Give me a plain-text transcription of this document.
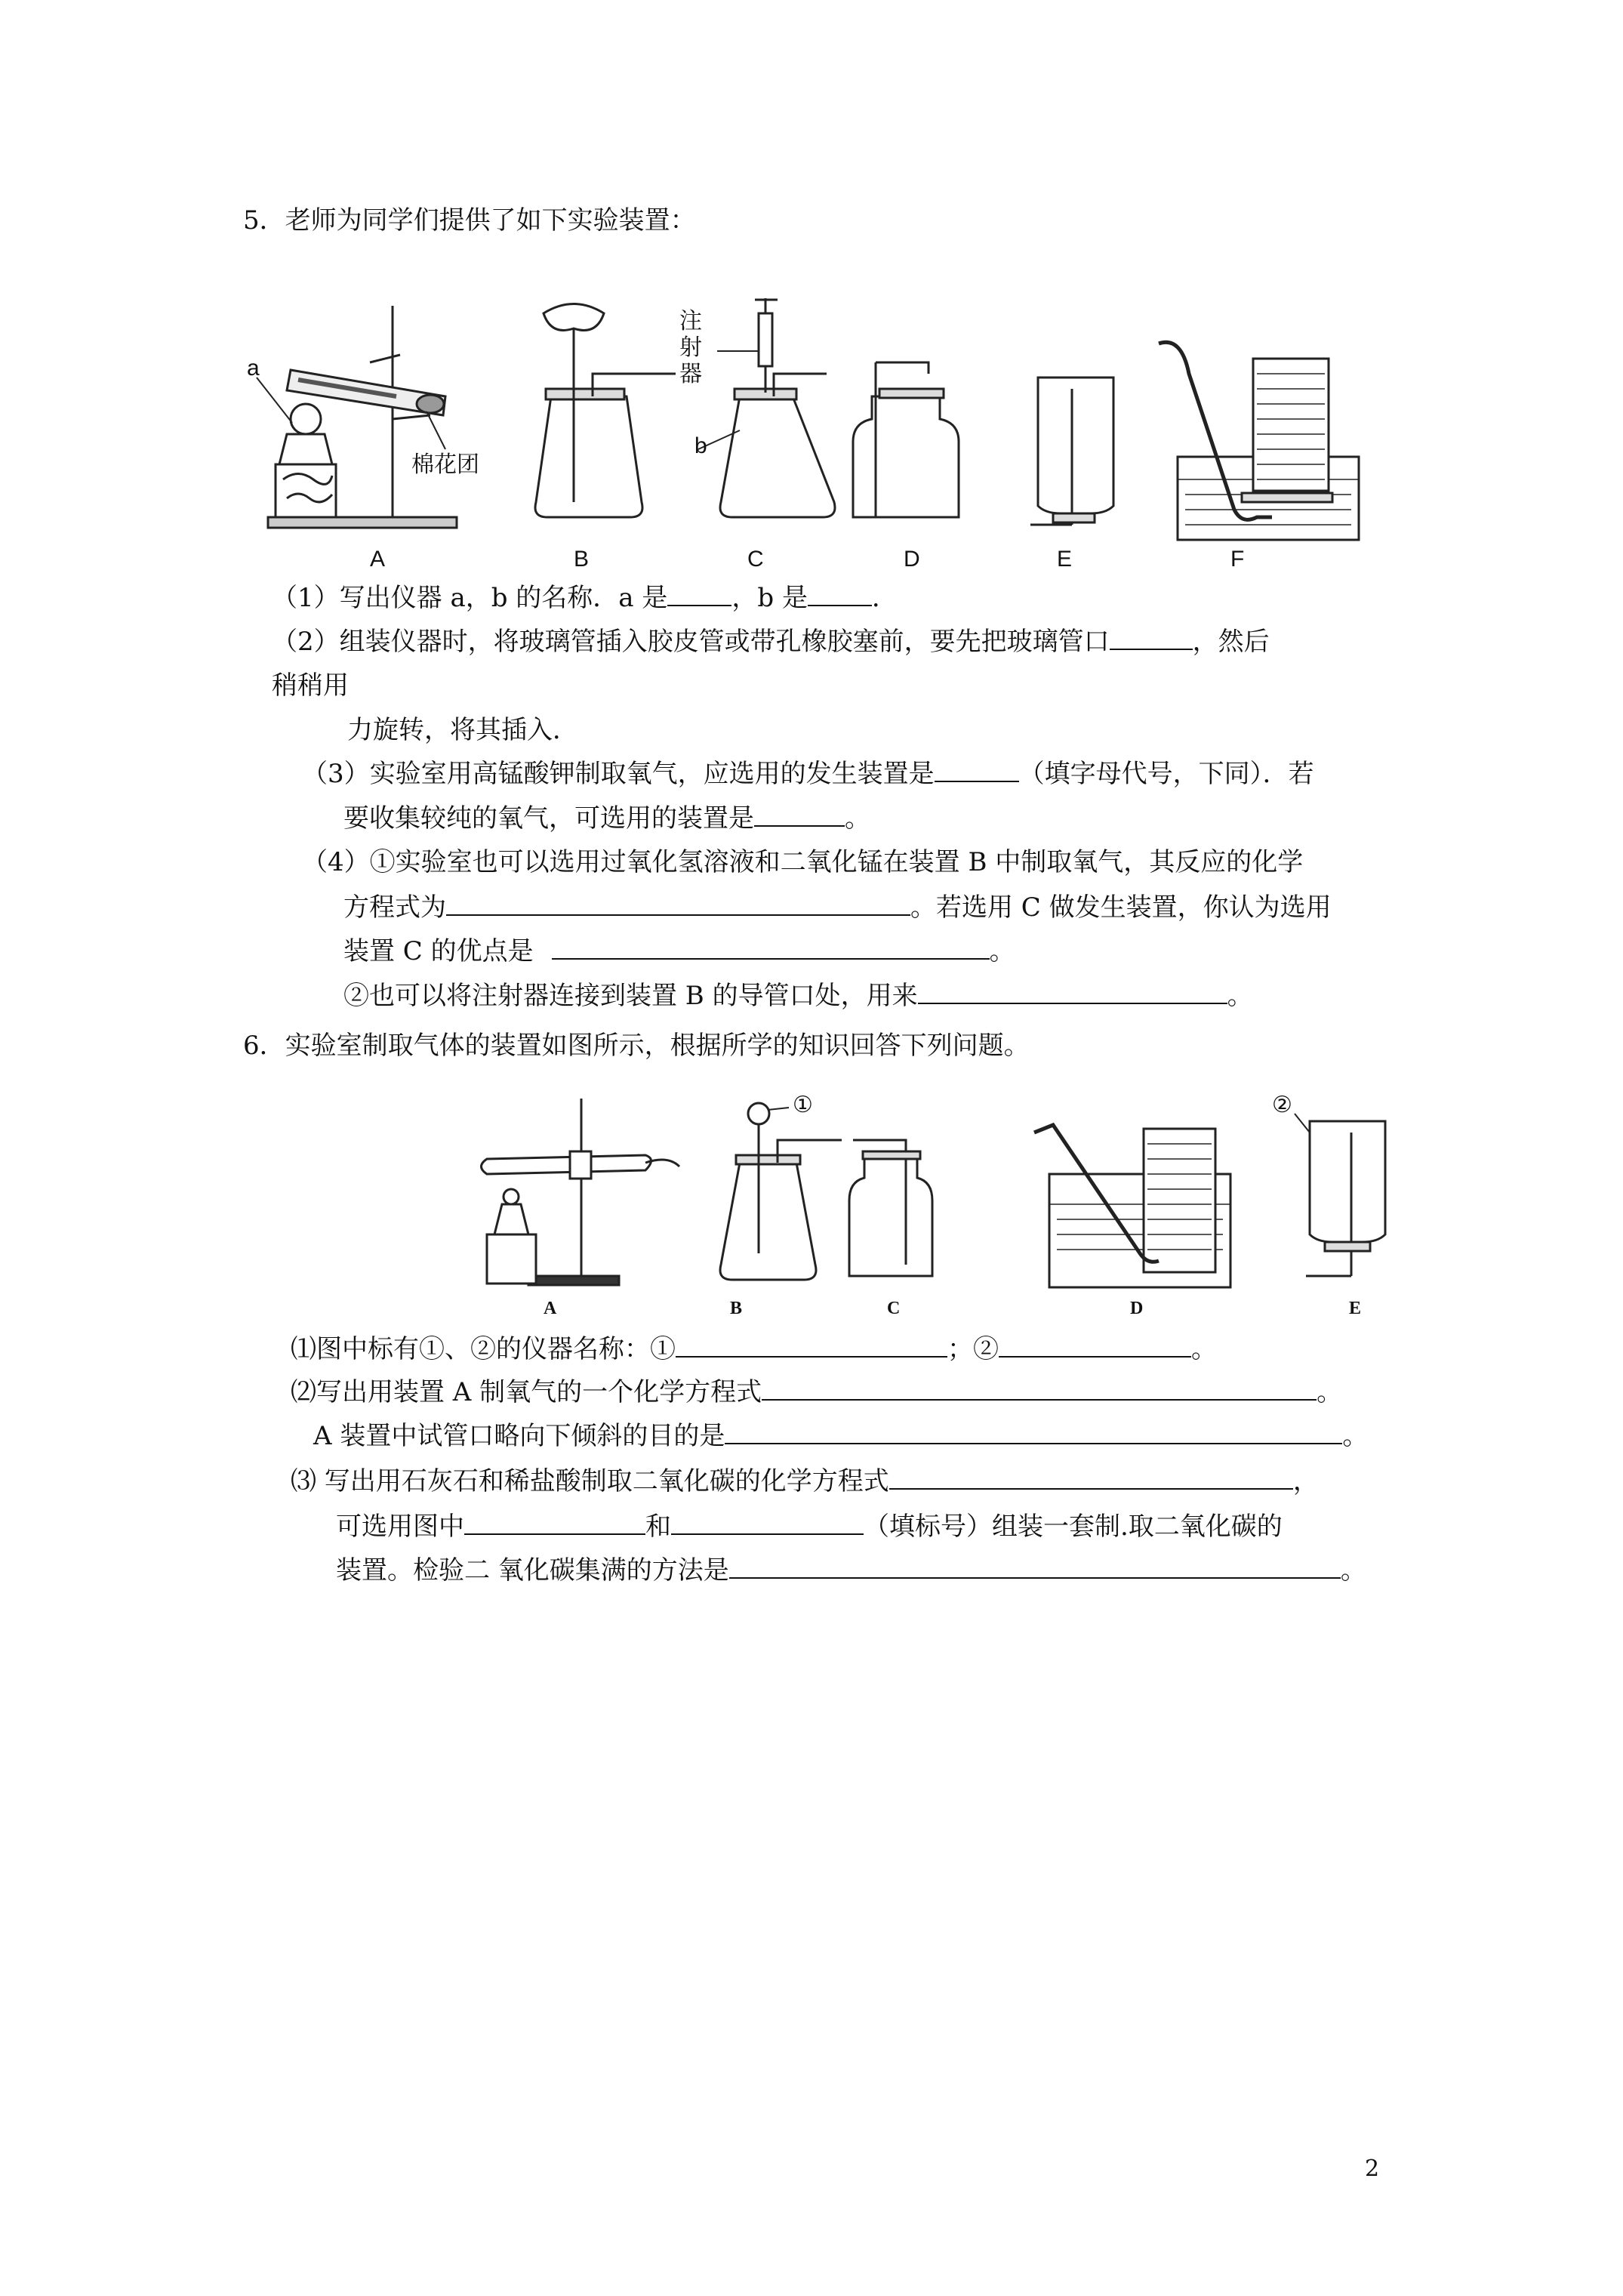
5．老师为同学们提供了如下实验装置：
a
b
注
射
器
棉花团
A	B	C	D	E	F
（1）写出仪器 a，b 的名称．a 是	，b 是	．
（2）组装仪器时，将玻璃管插入胶皮管或带孔橡胶塞前，要先把玻璃管口	，然后
稍稍用
力旋转，将其插入．
（3）实验室用高锰酸钾制取氧气，应选用的发生装置是	（填字母代号，下同）．若
要收集较纯的氧气，可选用的装置是	。
（4）①实验室也可以选用过氧化氢溶液和二氧化锰在装置 B 中制取氧气，其反应的化学
方程式为	。若选用 C 做发生装置，你认为选用
装置 C 的优点是	。
②也可以将注射器连接到装置 B 的导管口处，用来	。
6．实验室制取气体的装置如图所示，根据所学的知识回答下列问题。
①	②
A	B	C	D	E
⑴图中标有①、②的仪器名称：①	；②	。
⑵写出用装置 A 制氧气的一个化学方程式	。
A 装置中试管口略向下倾斜的目的是	。
⑶ 写出用石灰石和稀盐酸制取二氧化碳的化学方程式	，
可选用图中	和	（填标号）组装一套制.取二氧化碳的
装置。检验二 氧化碳集满的方法是	。
2
